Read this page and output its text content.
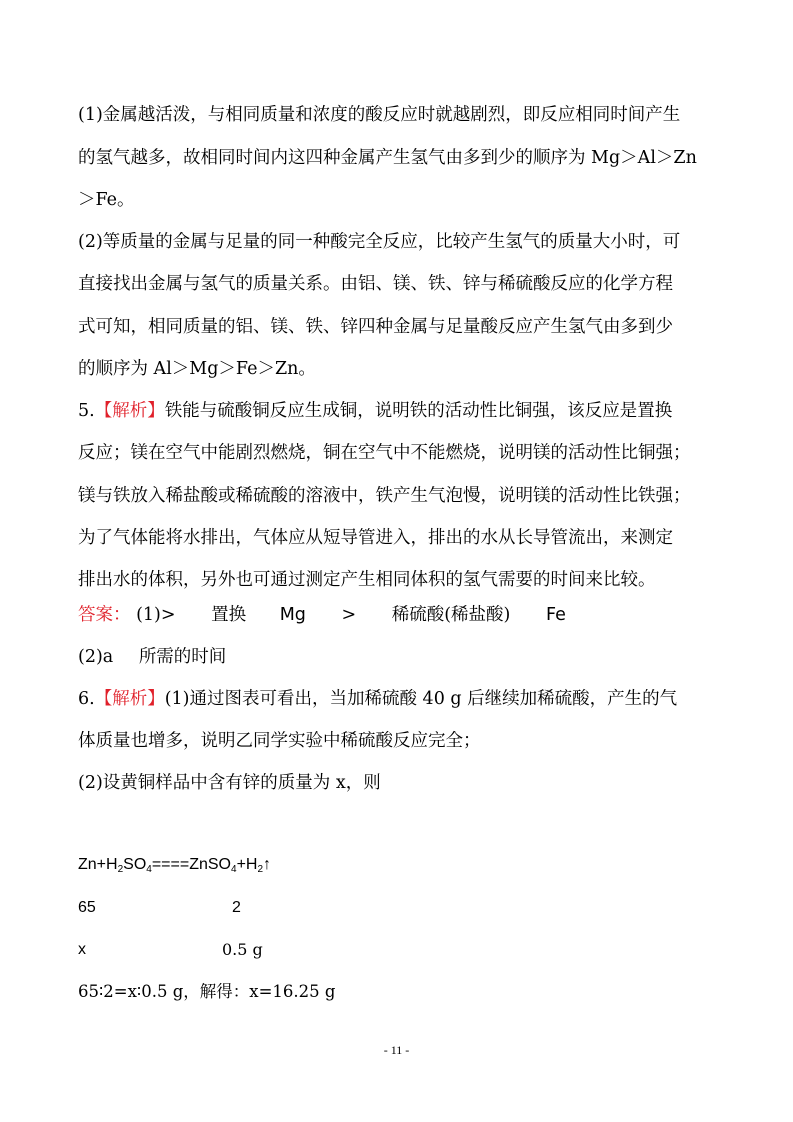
(1)金属越活泼，与相同质量和浓度的酸反应时就越剧烈，即反应相同时间产生
的氢气越多，故相同时间内这四种金属产生氢气由多到少的顺序为 Mg＞Al＞Zn
＞Fe。
(2)等质量的金属与足量的同一种酸完全反应，比较产生氢气的质量大小时，可
直接找出金属与氢气的质量关系。由铝、镁、铁、锌与稀硫酸反应的化学方程
式可知，相同质量的铝、镁、铁、锌四种金属与足量酸反应产生氢气由多到少
的顺序为 Al＞Mg＞Fe＞Zn。
5.【解析】铁能与硫酸铜反应生成铜，说明铁的活动性比铜强，该反应是置换
反应；镁在空气中能剧烈燃烧，铜在空气中不能燃烧，说明镁的活动性比铜强；
镁与铁放入稀盐酸或稀硫酸的溶液中，铁产生气泡慢，说明镁的活动性比铁强；
为了气体能将水排出，气体应从短导管进入，排出的水从长导管流出，来测定
排出水的体积，另外也可通过测定产生相同体积的氢气需要的时间来比较。
答案： (1)> 置换 Mg > 稀硫酸(稀盐酸) Fe
(2)a 所需的时间
6.【解析】(1)通过图表可看出，当加稀硫酸 40 g 后继续加稀硫酸，产生的气
体质量也增多，说明乙同学实验中稀硫酸反应完全；
(2)设黄铜样品中含有锌的质量为 x，则
$Zn+H_2SO_4====ZnSO_4+H_2↑$
65	2
x	0.5 g
65∶2=x∶0.5 g，解得：x=16.25 g
- 11 -
